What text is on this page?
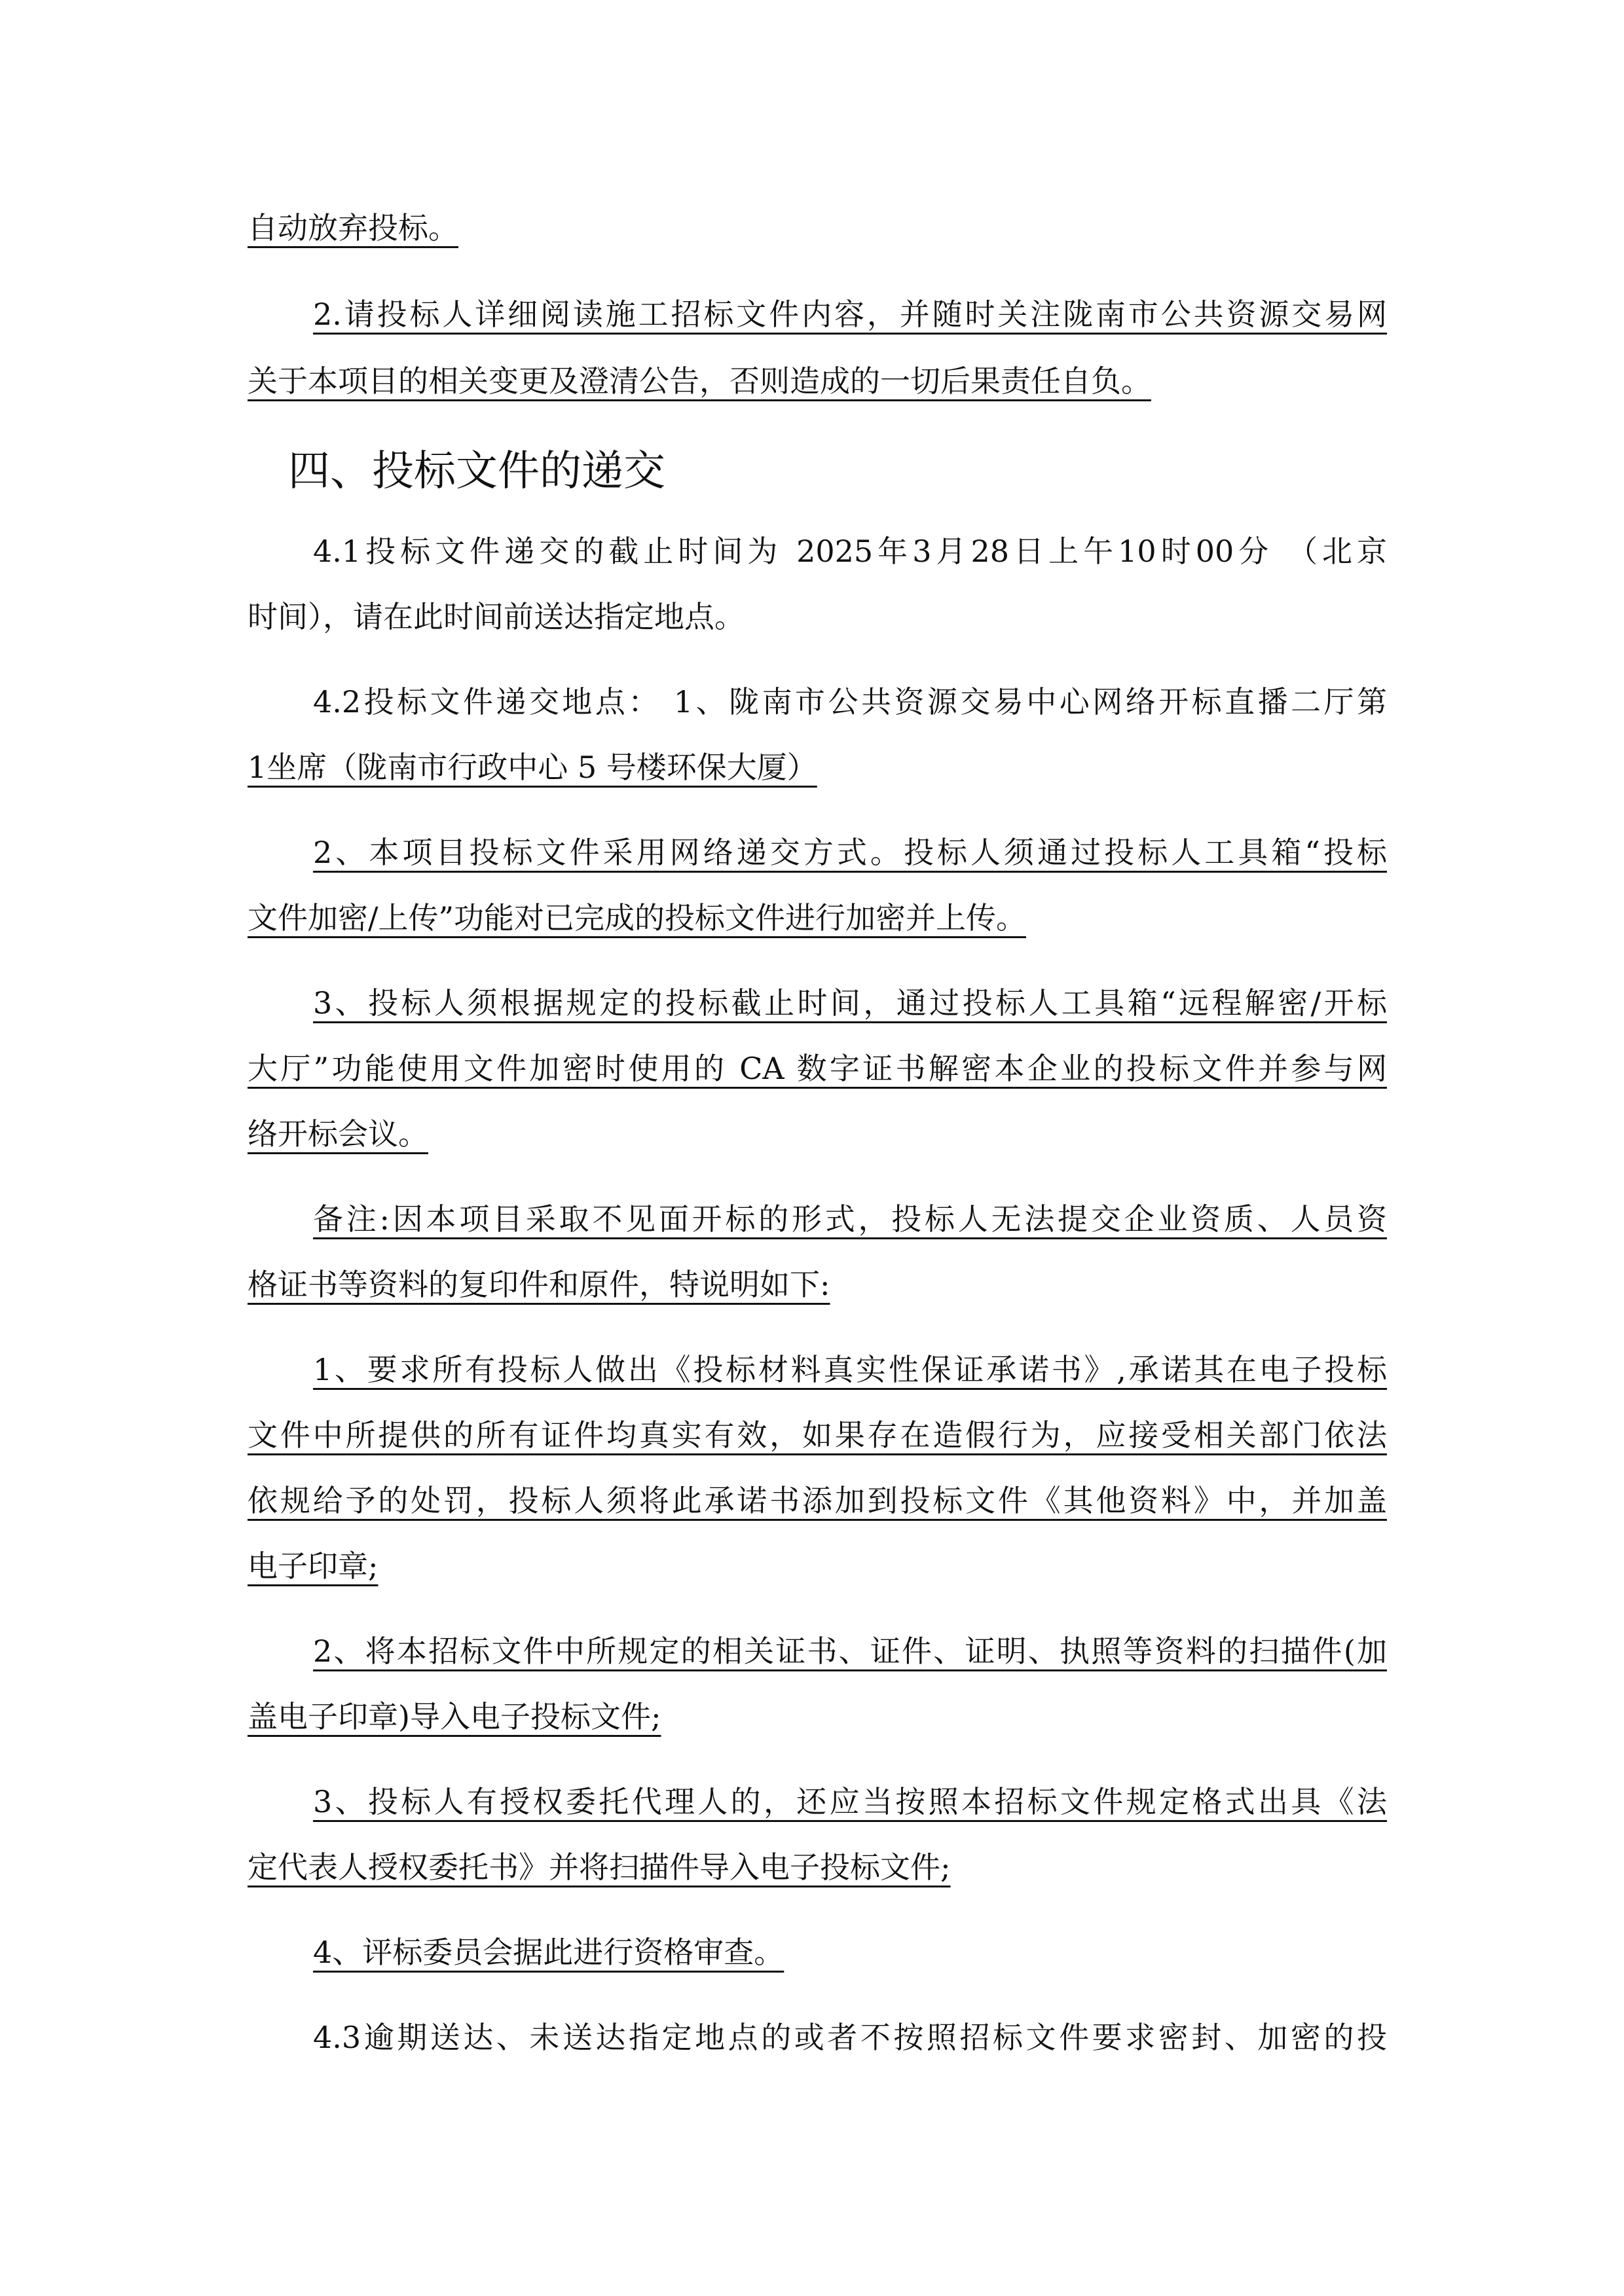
自动放弃投标。
2.请投标人详细阅读施工招标文件内容，并随时关注陇南市公共资源交易网
关于本项目的相关变更及澄清公告，否则造成的一切后果责任自负。
四、投标文件的递交
4.1投标文件递交的截止时间为 2025年3月28日上午10时00分 （北京
时间），请在此时间前送达指定地点。
4.2投标文件递交地点： 1、陇南市公共资源交易中心网络开标直播二厅第
1坐席（陇南市行政中心 5 号楼环保大厦）
2、本项目投标文件采用网络递交方式。投标人须通过投标人工具箱“投标
文件加密/上传”功能对已完成的投标文件进行加密并上传。
3、投标人须根据规定的投标截止时间，通过投标人工具箱“远程解密/开标
大厅”功能使用文件加密时使用的 CA 数字证书解密本企业的投标文件并参与网
络开标会议。
备注:因本项目采取不见面开标的形式，投标人无法提交企业资质、人员资
格证书等资料的复印件和原件，特说明如下:
1、要求所有投标人做出《投标材料真实性保证承诺书》,承诺其在电子投标
文件中所提供的所有证件均真实有效，如果存在造假行为，应接受相关部门依法
依规给予的处罚，投标人须将此承诺书添加到投标文件《其他资料》中，并加盖
电子印章;
2、将本招标文件中所规定的相关证书、证件、证明、执照等资料的扫描件(加
盖电子印章)导入电子投标文件;
3、投标人有授权委托代理人的，还应当按照本招标文件规定格式出具《法
定代表人授权委托书》并将扫描件导入电子投标文件;
4、评标委员会据此进行资格审查。
4.3逾期送达、未送达指定地点的或者不按照招标文件要求密封、加密的投
